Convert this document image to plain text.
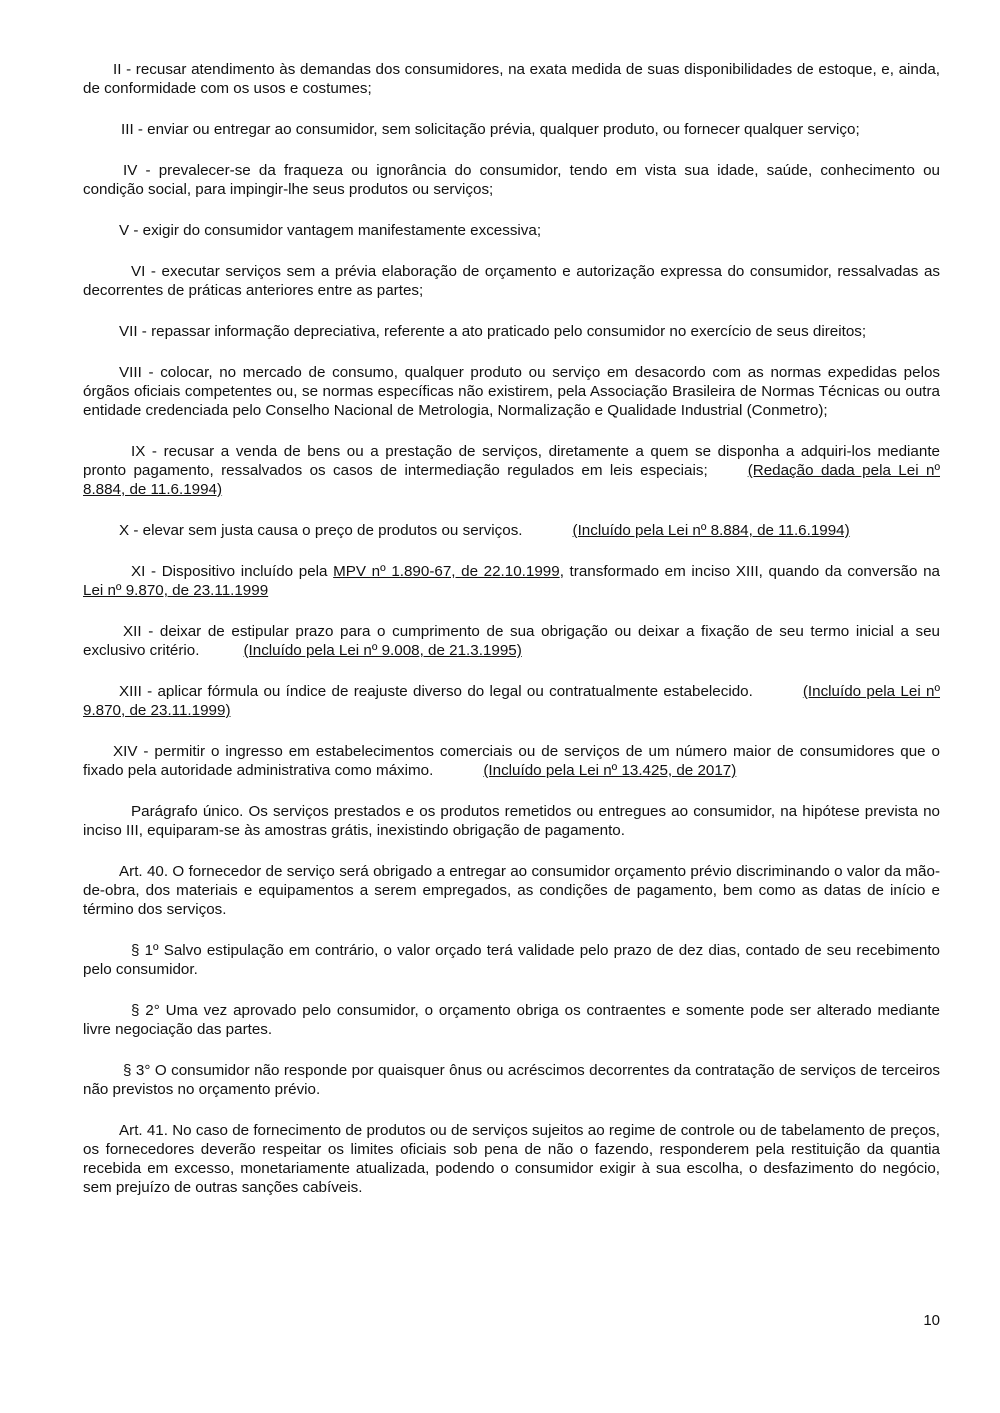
II - recusar atendimento às demandas dos consumidores, na exata medida de suas disponibilidades de estoque, e, ainda, de conformidade com os usos e costumes;

III - enviar ou entregar ao consumidor, sem solicitação prévia, qualquer produto, ou fornecer qualquer serviço;

IV - prevalecer-se da fraqueza ou ignorância do consumidor, tendo em vista sua idade, saúde, conhecimento ou condição social, para impingir-lhe seus produtos ou serviços;

V - exigir do consumidor vantagem manifestamente excessiva;

VI - executar serviços sem a prévia elaboração de orçamento e autorização expressa do consumidor, ressalvadas as decorrentes de práticas anteriores entre as partes;

VII - repassar informação depreciativa, referente a ato praticado pelo consumidor no exercício de seus direitos;

VIII - colocar, no mercado de consumo, qualquer produto ou serviço em desacordo com as normas expedidas pelos órgãos oficiais competentes ou, se normas específicas não existirem, pela Associação Brasileira de Normas Técnicas ou outra entidade credenciada pelo Conselho Nacional de Metrologia, Normalização e Qualidade Industrial (Conmetro);

IX - recusar a venda de bens ou a prestação de serviços, diretamente a quem se disponha a adquiri-los mediante pronto pagamento, ressalvados os casos de intermediação regulados em leis especiais;	(Redação dada pela Lei nº 8.884, de 11.6.1994)

X - elevar sem justa causa o preço de produtos ou serviços.	(Incluído pela Lei nº 8.884, de 11.6.1994)

XI - Dispositivo incluído pela MPV nº 1.890-67, de 22.10.1999, transformado em inciso XIII, quando da conversão na Lei nº 9.870, de 23.11.1999

XII - deixar de estipular prazo para o cumprimento de sua obrigação ou deixar a fixação de seu termo inicial a seu exclusivo critério.	(Incluído pela Lei nº 9.008, de 21.3.1995)

XIII - aplicar fórmula ou índice de reajuste diverso do legal ou contratualmente estabelecido.	(Incluído pela Lei nº 9.870, de 23.11.1999)

XIV - permitir o ingresso em estabelecimentos comerciais ou de serviços de um número maior de consumidores que o fixado pela autoridade administrativa como máximo.	(Incluído pela Lei nº 13.425, de 2017)

Parágrafo único. Os serviços prestados e os produtos remetidos ou entregues ao consumidor, na hipótese prevista no inciso III, equiparam-se às amostras grátis, inexistindo obrigação de pagamento.

Art. 40. O fornecedor de serviço será obrigado a entregar ao consumidor orçamento prévio discriminando o valor da mão-de-obra, dos materiais e equipamentos a serem empregados, as condições de pagamento, bem como as datas de início e término dos serviços.

§ 1º Salvo estipulação em contrário, o valor orçado terá validade pelo prazo de dez dias, contado de seu recebimento pelo consumidor.

§ 2° Uma vez aprovado pelo consumidor, o orçamento obriga os contraentes e somente pode ser alterado mediante livre negociação das partes.

§ 3° O consumidor não responde por quaisquer ônus ou acréscimos decorrentes da contratação de serviços de terceiros não previstos no orçamento prévio.

Art. 41. No caso de fornecimento de produtos ou de serviços sujeitos ao regime de controle ou de tabelamento de preços, os fornecedores deverão respeitar os limites oficiais sob pena de não o fazendo, responderem pela restituição da quantia recebida em excesso, monetariamente atualizada, podendo o consumidor exigir à sua escolha, o desfazimento do negócio, sem prejuízo de outras sanções cabíveis.

10
